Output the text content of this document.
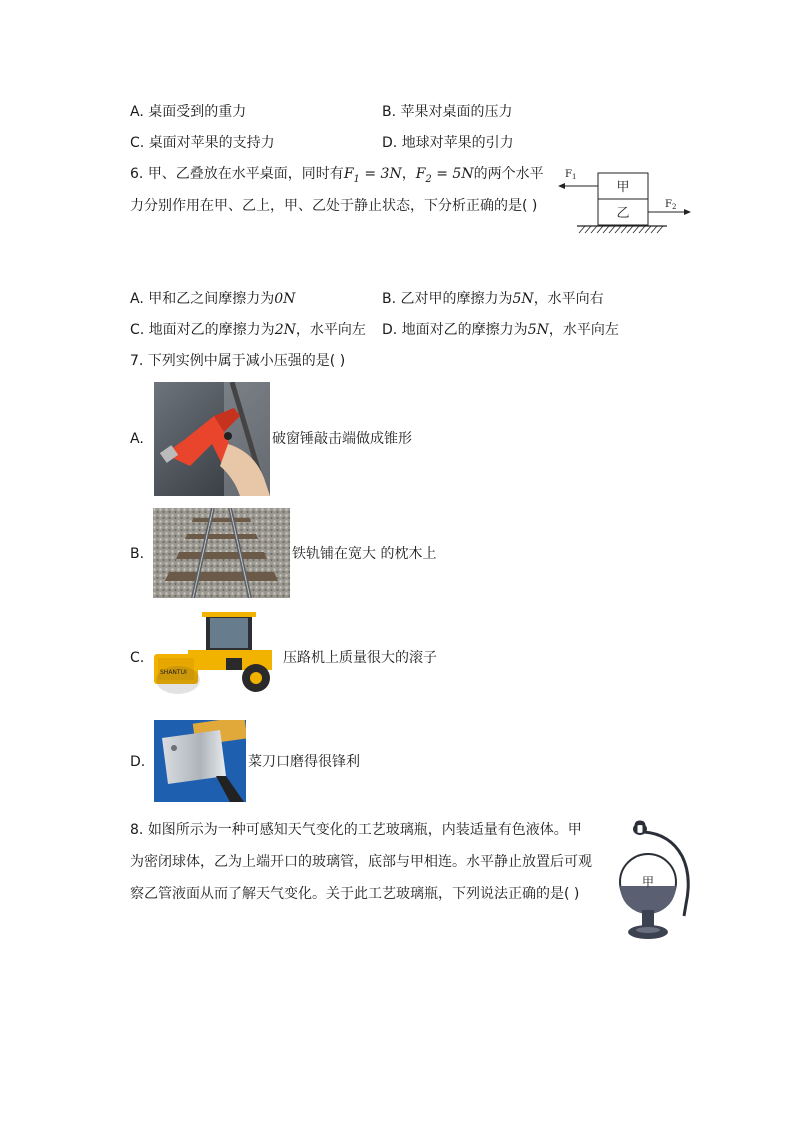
A. 桌面受到的重力	B. 苹果对桌面的压力
C. 桌面对苹果的支持力	D. 地球对苹果的引力
6. 甲、乙叠放在水平桌面，同时有$F_1 = 3N$，$F_2 = 5N$的两个水平
力分别作用在甲、乙上，甲、乙处于静止状态，下分析正确的是( )
甲
乙
$F_1$
$F_2$
A. 甲和乙之间摩擦力为0N	B. 乙对甲的摩擦力为5N，水平向右
C. 地面对乙的摩擦力为2N，水平向左 D. 地面对乙的摩擦力为5N，水平向左
7. 下列实例中属于减小压强的是( )
A.	破窗锤敲击端做成锥形
B.	铁轨铺在宽大 的枕木上
C.
SHANTUI
压路机上质量很大的滚子
D.	菜刀口磨得很锋利
8. 如图所示为一种可感知天气变化的工艺玻璃瓶，内装适量有色液体。甲
为密闭球体，乙为上端开口的玻璃管，底部与甲相连。水平静止放置后可观
察乙管液面从而了解天气变化。关于此工艺玻璃瓶，下列说法正确的是( )
甲
